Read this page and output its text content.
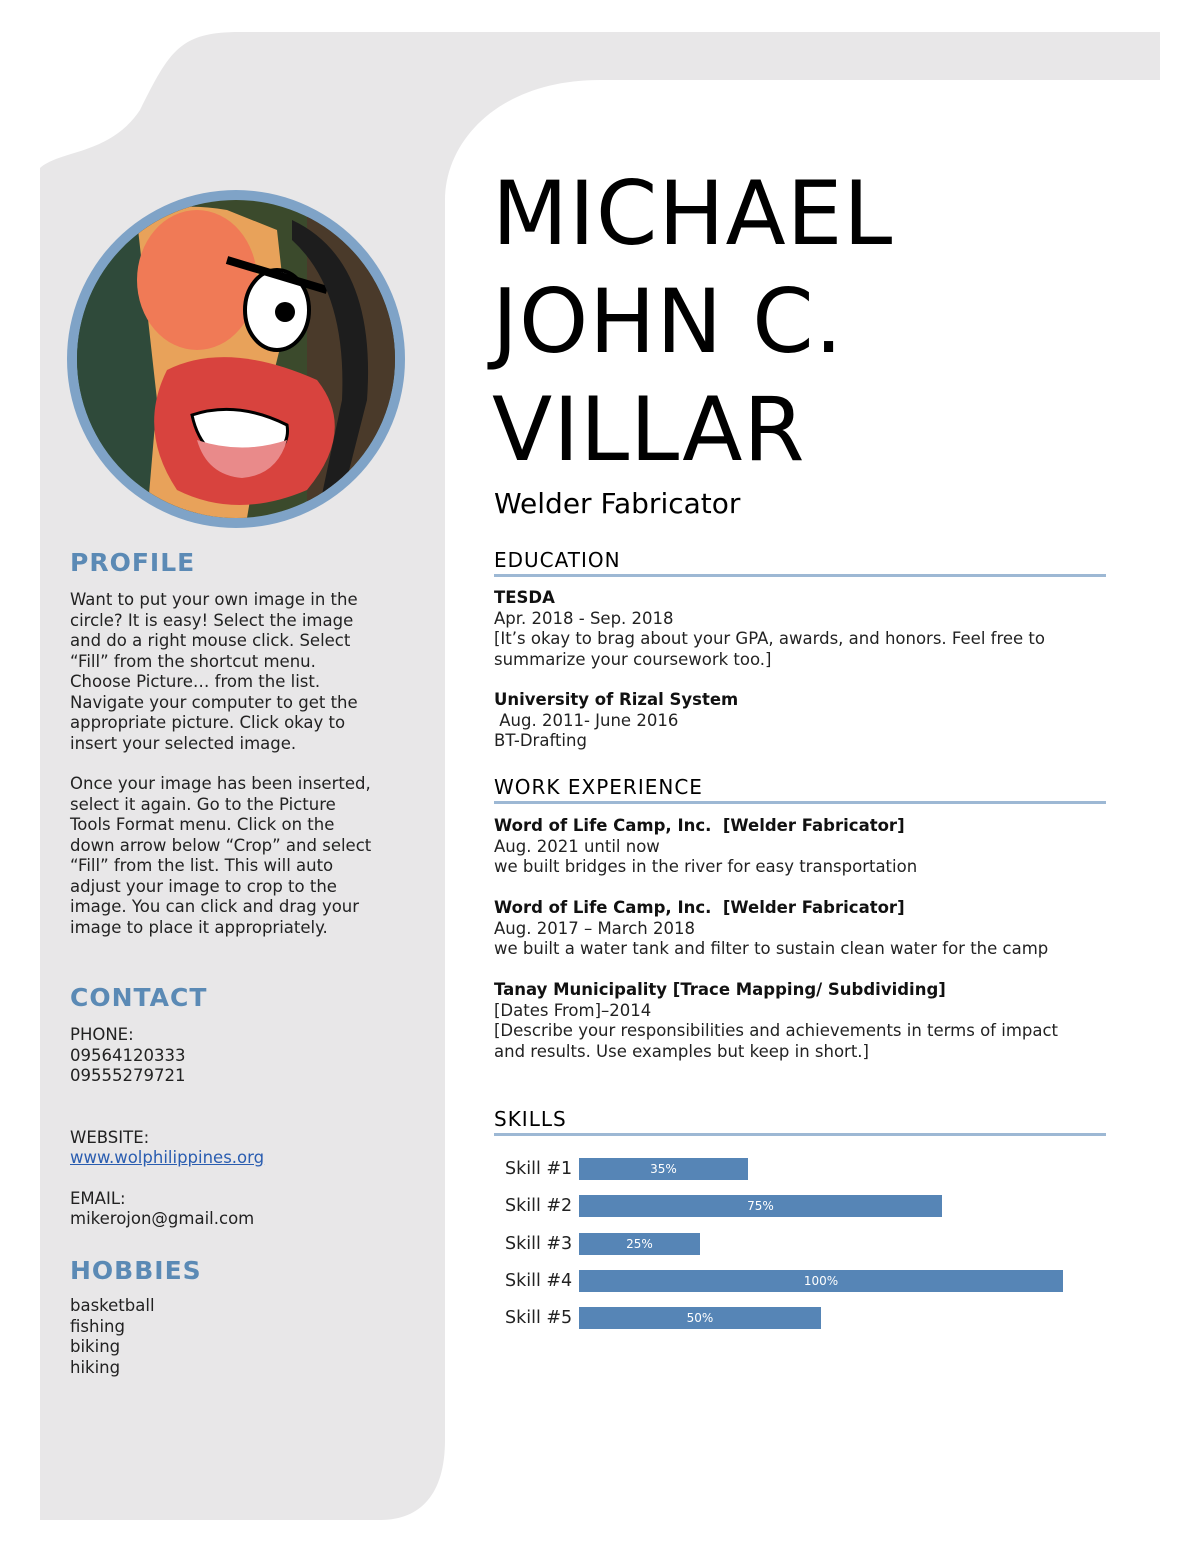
PROFILE
Want to put your own image in the
circle? It is easy! Select the image
and do a right mouse click. Select
“Fill” from the shortcut menu.
Choose Picture… from the list.
Navigate your computer to get the
appropriate picture. Click okay to
insert your selected image.
Once your image has been inserted,
select it again. Go to the Picture
Tools Format menu. Click on the
down arrow below “Crop” and select
“Fill” from the list. This will auto
adjust your image to crop to the
image. You can click and drag your
image to place it appropriately.
CONTACT
PHONE:
09564120333
09555279721
WEBSITE:
www.wolphilippines.org
EMAIL:
mikerojon@gmail.com
HOBBIES
basketball
fishing
biking
hiking
MICHAEL
JOHN C.
VILLAR
Welder Fabricator
EDUCATION
TESDA
Apr. 2018 - Sep. 2018
[It’s okay to brag about your GPA, awards, and honors. Feel free to
summarize your coursework too.]
University of Rizal System
Aug. 2011- June 2016
BT-Drafting
WORK EXPERIENCE
Word of Life Camp, Inc.  [Welder Fabricator]
Aug. 2021 until now
we built bridges in the river for easy transportation
Word of Life Camp, Inc.  [Welder Fabricator]
Aug. 2017 – March 2018
we built a water tank and filter to sustain clean water for the camp
Tanay Municipality [Trace Mapping/ Subdividing]
[Dates From]–2014
[Describe your responsibilities and achievements in terms of impact
and results. Use examples but keep in short.]
SKILLS
Skill #1	35%
Skill #2	75%
Skill #3	25%
Skill #4	100%
Skill #5	50%
